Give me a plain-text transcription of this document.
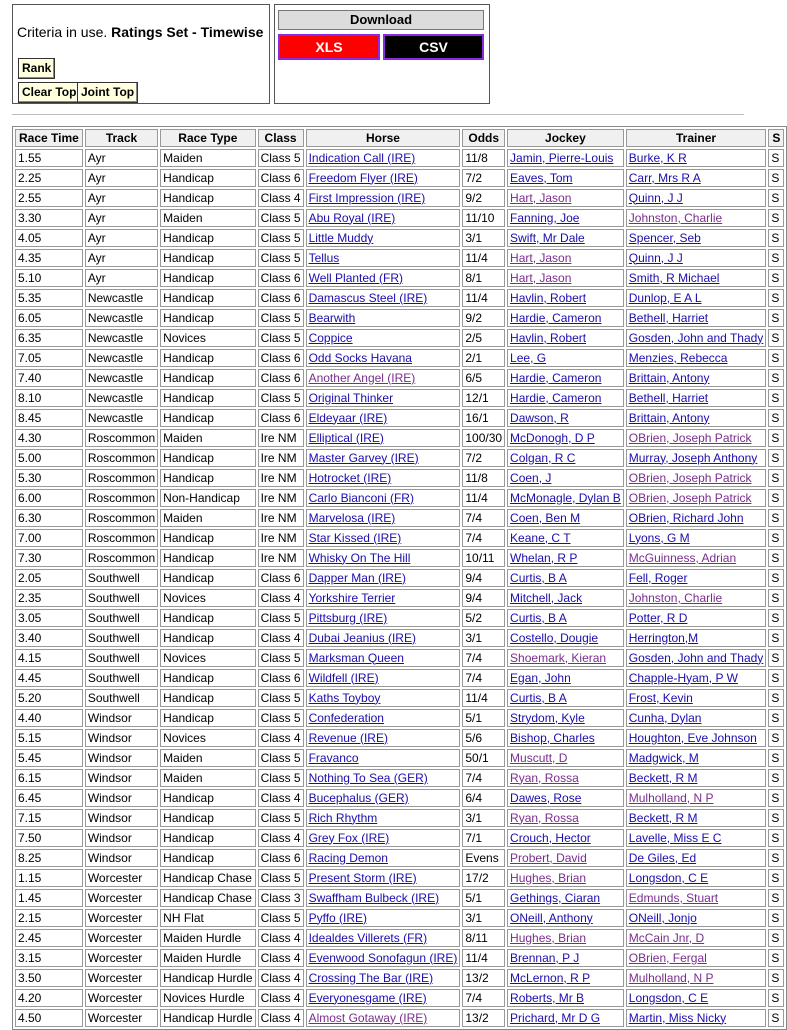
Criteria in use. Ratings Set - Timewise
Rank
Clear Top Joint Top
Download
XLS	CSV
Race Time	Track	Race Type	Class	Horse	Odds	Jockey	Trainer	S
1.55	Ayr	Maiden	Class 5	Indication Call (IRE)	11/8	Jamin, Pierre-Louis	Burke, K R	S
2.25	Ayr	Handicap	Class 6	Freedom Flyer (IRE)	7/2	Eaves, Tom	Carr, Mrs R A	S
2.55	Ayr	Handicap	Class 4	First Impression (IRE)	9/2	Hart, Jason	Quinn, J J	S
3.30	Ayr	Maiden	Class 5	Abu Royal (IRE)	11/10	Fanning, Joe	Johnston, Charlie	S
4.05	Ayr	Handicap	Class 5	Little Muddy	3/1	Swift, Mr Dale	Spencer, Seb	S
4.35	Ayr	Handicap	Class 5	Tellus	11/4	Hart, Jason	Quinn, J J	S
5.10	Ayr	Handicap	Class 6	Well Planted (FR)	8/1	Hart, Jason	Smith, R Michael	S
5.35	Newcastle	Handicap	Class 6	Damascus Steel (IRE)	11/4	Havlin, Robert	Dunlop, E A L	S
6.05	Newcastle	Handicap	Class 5	Bearwith	9/2	Hardie, Cameron	Bethell, Harriet	S
6.35	Newcastle	Novices	Class 5	Coppice	2/5	Havlin, Robert	Gosden, John and Thady	S
7.05	Newcastle	Handicap	Class 6	Odd Socks Havana	2/1	Lee, G	Menzies, Rebecca	S
7.40	Newcastle	Handicap	Class 6	Another Angel (IRE)	6/5	Hardie, Cameron	Brittain, Antony	S
8.10	Newcastle	Handicap	Class 5	Original Thinker	12/1	Hardie, Cameron	Bethell, Harriet	S
8.45	Newcastle	Handicap	Class 6	Eldeyaar (IRE)	16/1	Dawson, R	Brittain, Antony	S
4.30	Roscommon	Maiden	Ire NM	Elliptical (IRE)	100/30	McDonogh, D P	OBrien, Joseph Patrick	S
5.00	Roscommon	Handicap	Ire NM	Master Garvey (IRE)	7/2	Colgan, R C	Murray, Joseph Anthony	S
5.30	Roscommon	Handicap	Ire NM	Hotrocket (IRE)	11/8	Coen, J	OBrien, Joseph Patrick	S
6.00	Roscommon	Non-Handicap	Ire NM	Carlo Bianconi (FR)	11/4	McMonagle, Dylan B	OBrien, Joseph Patrick	S
6.30	Roscommon	Maiden	Ire NM	Marvelosa (IRE)	7/4	Coen, Ben M	OBrien, Richard John	S
7.00	Roscommon	Handicap	Ire NM	Star Kissed (IRE)	7/4	Keane, C T	Lyons, G M	S
7.30	Roscommon	Handicap	Ire NM	Whisky On The Hill	10/11	Whelan, R P	McGuinness, Adrian	S
2.05	Southwell	Handicap	Class 6	Dapper Man (IRE)	9/4	Curtis, B A	Fell, Roger	S
2.35	Southwell	Novices	Class 4	Yorkshire Terrier	9/4	Mitchell, Jack	Johnston, Charlie	S
3.05	Southwell	Handicap	Class 5	Pittsburg (IRE)	5/2	Curtis, B A	Potter, R D	S
3.40	Southwell	Handicap	Class 4	Dubai Jeanius (IRE)	3/1	Costello, Dougie	Herrington,M	S
4.15	Southwell	Novices	Class 5	Marksman Queen	7/4	Shoemark, Kieran	Gosden, John and Thady	S
4.45	Southwell	Handicap	Class 6	Wildfell (IRE)	7/4	Egan, John	Chapple-Hyam, P W	S
5.20	Southwell	Handicap	Class 5	Kaths Toyboy	11/4	Curtis, B A	Frost, Kevin	S
4.40	Windsor	Handicap	Class 5	Confederation	5/1	Strydom, Kyle	Cunha, Dylan	S
5.15	Windsor	Novices	Class 4	Revenue (IRE)	5/6	Bishop, Charles	Houghton, Eve Johnson	S
5.45	Windsor	Maiden	Class 5	Fravanco	50/1	Muscutt, D	Madgwick, M	S
6.15	Windsor	Maiden	Class 5	Nothing To Sea (GER)	7/4	Ryan, Rossa	Beckett, R M	S
6.45	Windsor	Handicap	Class 4	Bucephalus (GER)	6/4	Dawes, Rose	Mulholland, N P	S
7.15	Windsor	Handicap	Class 5	Rich Rhythm	3/1	Ryan, Rossa	Beckett, R M	S
7.50	Windsor	Handicap	Class 4	Grey Fox (IRE)	7/1	Crouch, Hector	Lavelle, Miss E C	S
8.25	Windsor	Handicap	Class 6	Racing Demon	Evens	Probert, David	De Giles, Ed	S
1.15	Worcester	Handicap Chase	Class 5	Present Storm (IRE)	17/2	Hughes, Brian	Longsdon, C E	S
1.45	Worcester	Handicap Chase	Class 3	Swaffham Bulbeck (IRE)	5/1	Gethings, Ciaran	Edmunds, Stuart	S
2.15	Worcester	NH Flat	Class 5	Pyffo (IRE)	3/1	ONeill, Anthony	ONeill, Jonjo	S
2.45	Worcester	Maiden Hurdle	Class 4	Idealdes Villerets (FR)	8/11	Hughes, Brian	McCain Jnr, D	S
3.15	Worcester	Maiden Hurdle	Class 4	Evenwood Sonofagun (IRE)	11/4	Brennan, P J	OBrien, Fergal	S
3.50	Worcester	Handicap Hurdle	Class 4	Crossing The Bar (IRE)	13/2	McLernon, R P	Mulholland, N P	S
4.20	Worcester	Novices Hurdle	Class 4	Everyonesgame (IRE)	7/4	Roberts, Mr B	Longsdon, C E	S
4.50	Worcester	Handicap Hurdle	Class 4	Almost Gotaway (IRE)	13/2	Prichard, Mr D G	Martin, Miss Nicky	S
